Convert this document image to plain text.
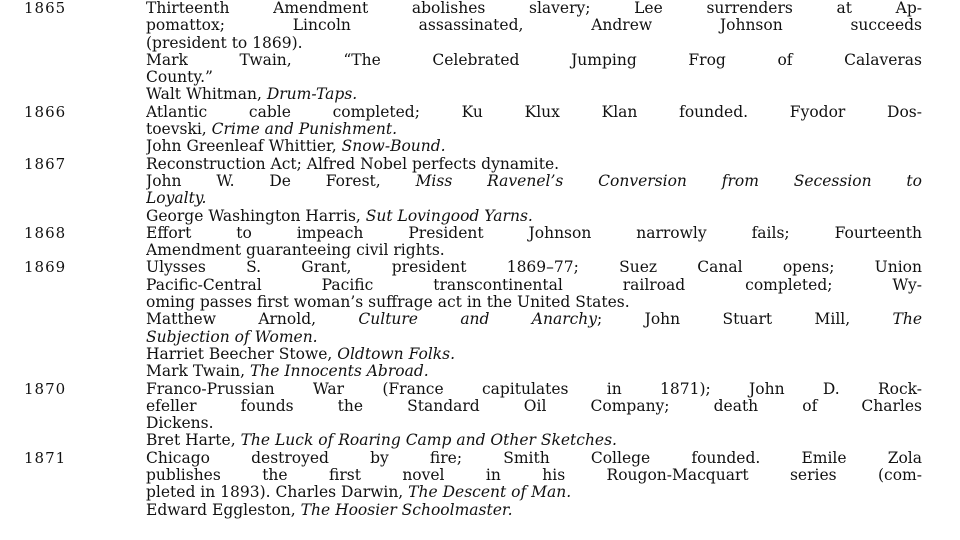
1865	Thirteenth Amendment abolishes slavery; Lee surrenders at Ap-
pomattox; Lincoln assassinated, Andrew Johnson succeeds
(president to 1869).
Mark Twain, “The Celebrated Jumping Frog of Calaveras
County.”
Walt Whitman, Drum-Taps.
1866	Atlantic cable completed; Ku Klux Klan founded. Fyodor Dos-
toevski, Crime and Punishment.
John Greenleaf Whittier, Snow-Bound.
1867	Reconstruction Act; Alfred Nobel perfects dynamite.
John W. De Forest, Miss Ravenel’s Conversion from Secession to
Loyalty.
George Washington Harris, Sut Lovingood Yarns.
1868	Effort to impeach President Johnson narrowly fails; Fourteenth
Amendment guaranteeing civil rights.
1869	Ulysses S. Grant, president 1869–77; Suez Canal opens; Union
Pacific-Central Pacific transcontinental railroad completed; Wy-
oming passes first woman’s suffrage act in the United States.
Matthew Arnold, Culture and Anarchy; John Stuart Mill, The
Subjection of Women.
Harriet Beecher Stowe, Oldtown Folks.
Mark Twain, The Innocents Abroad.
1870	Franco-Prussian War (France capitulates in 1871); John D. Rock-
efeller founds the Standard Oil Company; death of Charles
Dickens.
Bret Harte, The Luck of Roaring Camp and Other Sketches.
1871	Chicago destroyed by fire; Smith College founded. Emile Zola
publishes the first novel in his Rougon-Macquart series (com-
pleted in 1893). Charles Darwin, The Descent of Man.
Edward Eggleston, The Hoosier Schoolmaster.
